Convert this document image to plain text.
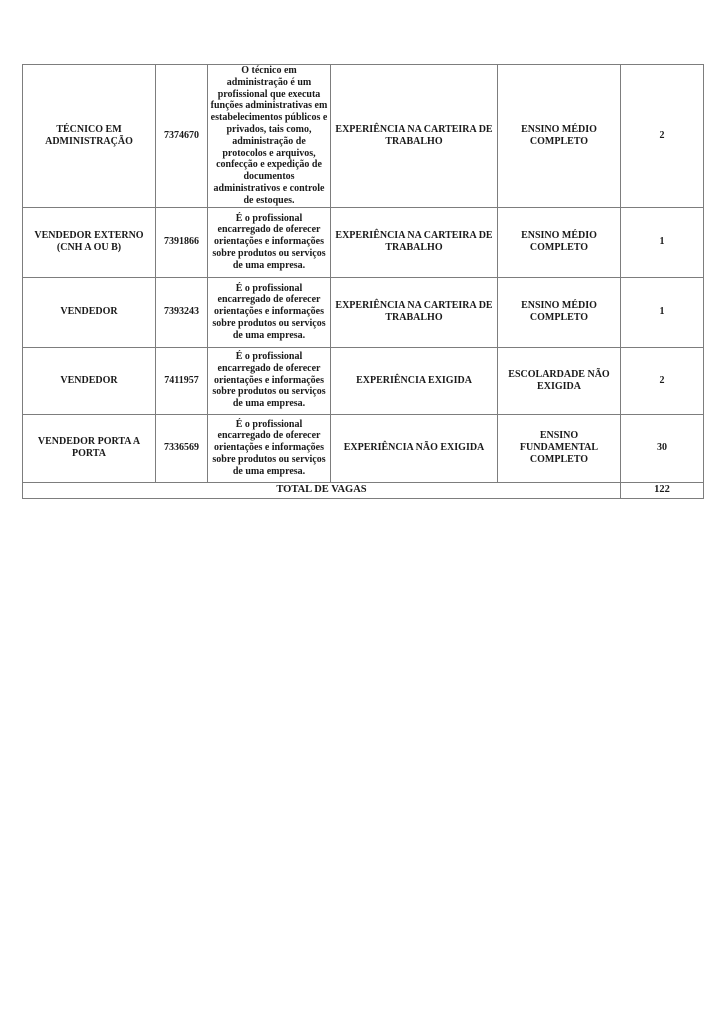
TÉCNICO EM ADMINISTRAÇÃO	7374670	O técnico em administração é um profissional que executa funções administrativas em estabelecimentos públicos e privados, tais como, administração de protocolos e arquivos, confecção e expedição de documentos administrativos e controle de estoques.	EXPERIÊNCIA NA CARTEIRA DE TRABALHO	ENSINO MÉDIO COMPLETO	2
VENDEDOR EXTERNO (CNH A OU B)	7391866	É o profissional encarregado de oferecer orientações e informações sobre produtos ou serviços de uma empresa.	EXPERIÊNCIA NA CARTEIRA DE TRABALHO	ENSINO MÉDIO COMPLETO	1
VENDEDOR	7393243	É o profissional encarregado de oferecer orientações e informações sobre produtos ou serviços de uma empresa.	EXPERIÊNCIA NA CARTEIRA DE TRABALHO	ENSINO MÉDIO COMPLETO	1
VENDEDOR	7411957	É o profissional encarregado de oferecer orientações e informações sobre produtos ou serviços de uma empresa.	EXPERIÊNCIA EXIGIDA	ESCOLARDADE NÃO EXIGIDA	2
VENDEDOR PORTA A PORTA	7336569	É o profissional encarregado de oferecer orientações e informações sobre produtos ou serviços de uma empresa.	EXPERIÊNCIA NÃO EXIGIDA	ENSINO FUNDAMENTAL COMPLETO	30
TOTAL DE VAGAS					122
